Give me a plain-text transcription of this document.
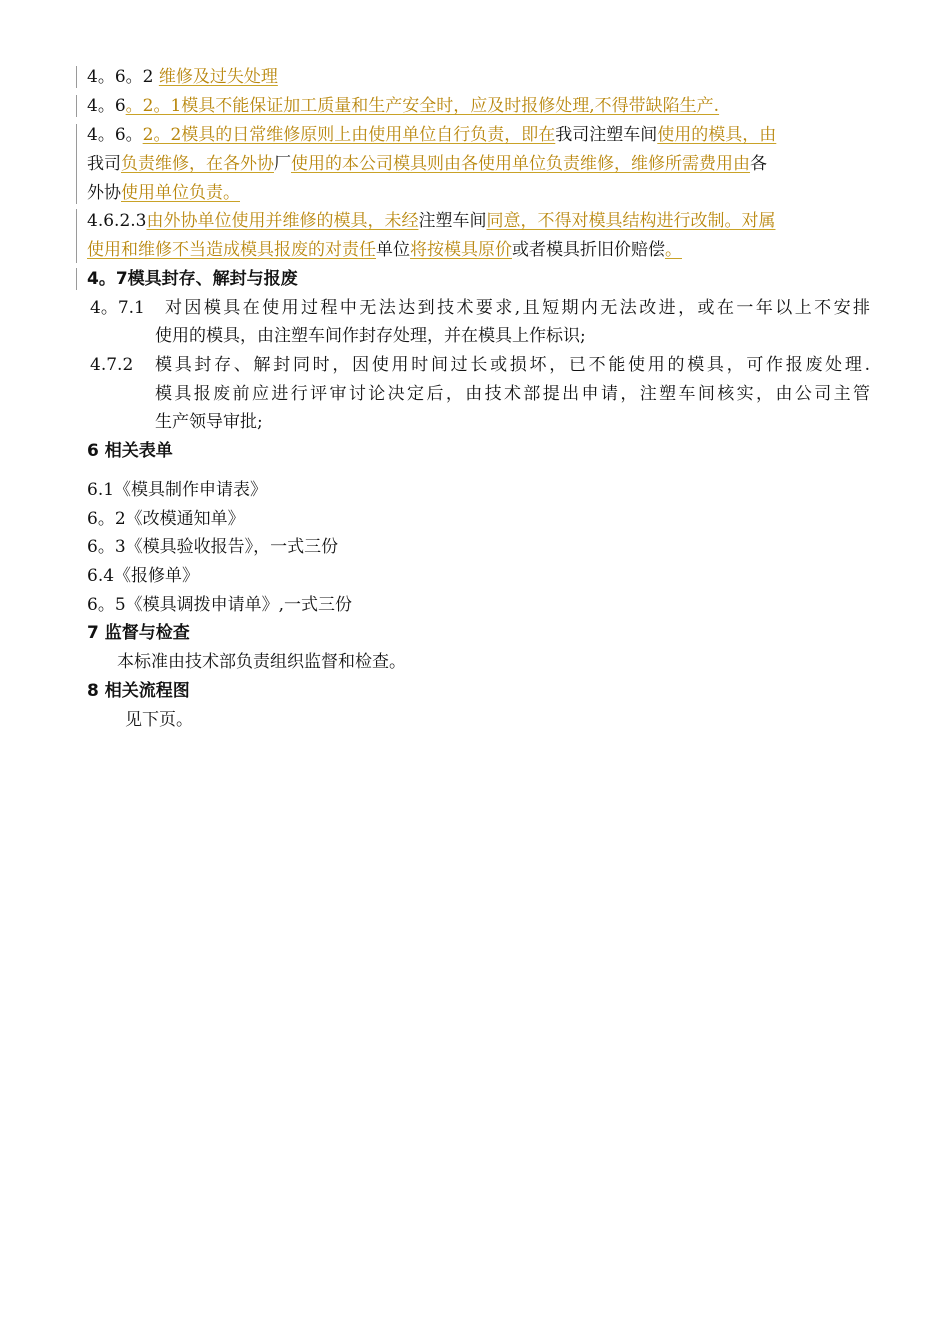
4。6。2 维修及过失处理
4。6。2。1模具不能保证加工质量和生产安全时，应及时报修处理,不得带缺陷生产.
4。6。2。2模具的日常维修原则上由使用单位自行负责，即在我司注塑车间使用的模具，由
我司负责维修，在各外协厂使用的本公司模具则由各使用单位负责维修，维修所需费用由各
外协使用单位负责。
4.6.2.3由外协单位使用并维修的模具，未经注塑车间同意，不得对模具结构进行改制。对属
使用和维修不当造成模具报废的对责任单位将按模具原价或者模具折旧价赔偿。
4。7模具封存、解封与报废
4。7.1 对因模具在使用过程中无法达到技术要求,且短期内无法改进，或在一年以上不安排
使用的模具，由注塑车间作封存处理，并在模具上作标识;
4.7.2 模具封存、解封同时，因使用时间过长或损坏，已不能使用的模具，可作报废处理.
模具报废前应进行评审讨论决定后，由技术部提出申请，注塑车间核实，由公司主管
生产领导审批;
6 相关表单
6.1《模具制作申请表》
6。2《改模通知单》
6。3《模具验收报告》，一式三份
6.4《报修单》
6。5《模具调拨申请单》,一式三份
7 监督与检查
本标准由技术部负责组织监督和检查。
8 相关流程图
见下页。
